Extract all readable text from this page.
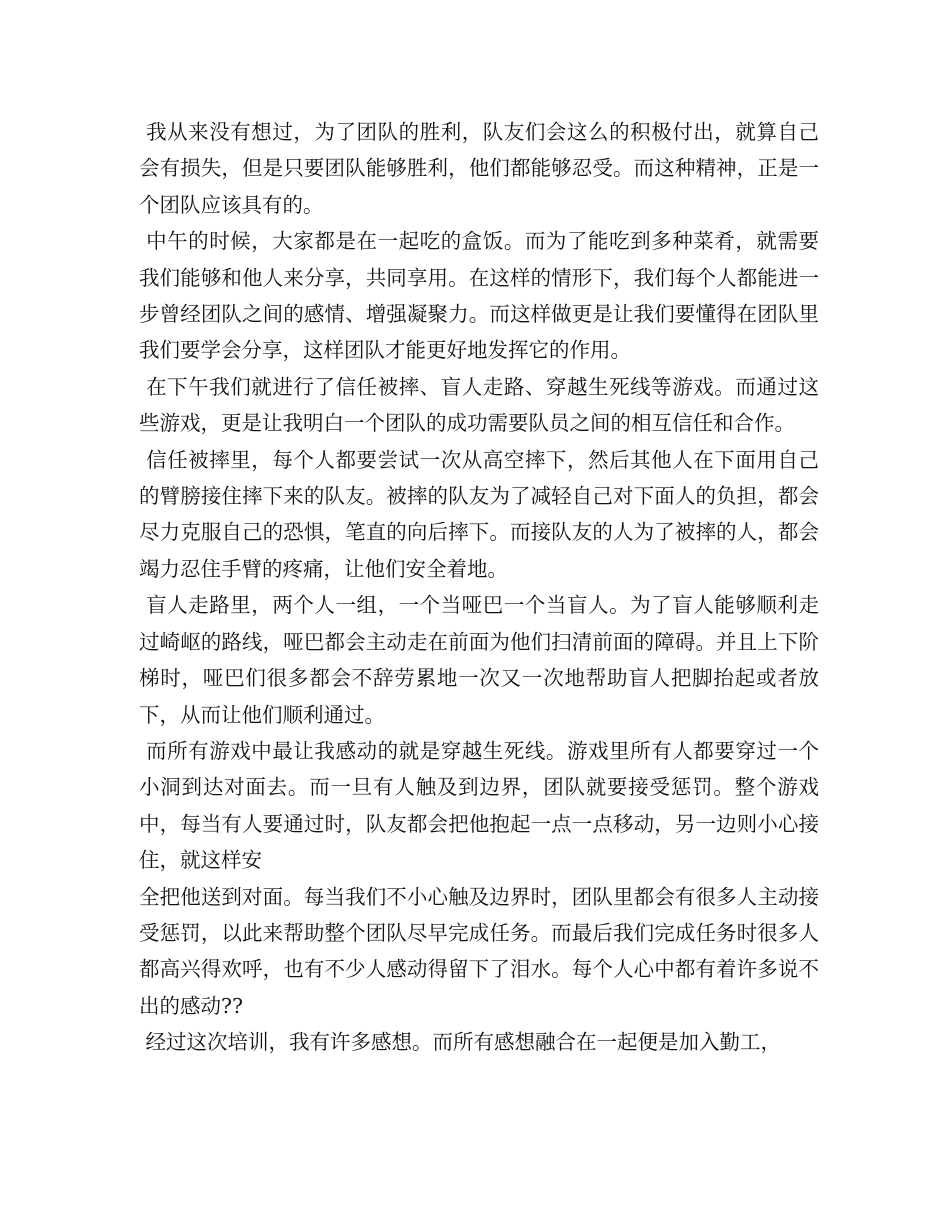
我从来没有想过，为了团队的胜利，队友们会这么的积极付出，就算自己会有损失，但是只要团队能够胜利，他们都能够忍受。而这种精神，正是一个团队应该具有的。

中午的时候，大家都是在一起吃的盒饭。而为了能吃到多种菜肴，就需要我们能够和他人来分享，共同享用。在这样的情形下，我们每个人都能进一步曾经团队之间的感情、增强凝聚力。而这样做更是让我们要懂得在团队里我们要学会分享，这样团队才能更好地发挥它的作用。

在下午我们就进行了信任被摔、盲人走路、穿越生死线等游戏。而通过这些游戏，更是让我明白一个团队的成功需要队员之间的相互信任和合作。

信任被摔里，每个人都要尝试一次从高空摔下，然后其他人在下面用自己的臂膀接住摔下来的队友。被摔的队友为了减轻自己对下面人的负担，都会尽力克服自己的恐惧，笔直的向后摔下。而接队友的人为了被摔的人，都会竭力忍住手臂的疼痛，让他们安全着地。

盲人走路里，两个人一组，一个当哑巴一个当盲人。为了盲人能够顺利走过崎岖的路线，哑巴都会主动走在前面为他们扫清前面的障碍。并且上下阶梯时，哑巴们很多都会不辞劳累地一次又一次地帮助盲人把脚抬起或者放下，从而让他们顺利通过。

而所有游戏中最让我感动的就是穿越生死线。游戏里所有人都要穿过一个小洞到达对面去。而一旦有人触及到边界，团队就要接受惩罚。整个游戏中，每当有人要通过时，队友都会把他抱起一点一点移动，另一边则小心接住，就这样安

全把他送到对面。每当我们不小心触及边界时，团队里都会有很多人主动接受惩罚，以此来帮助整个团队尽早完成任务。而最后我们完成任务时很多人都高兴得欢呼，也有不少人感动得留下了泪水。每个人心中都有着许多说不出的感动??

经过这次培训，我有许多感想。而所有感想融合在一起便是加入勤工，
